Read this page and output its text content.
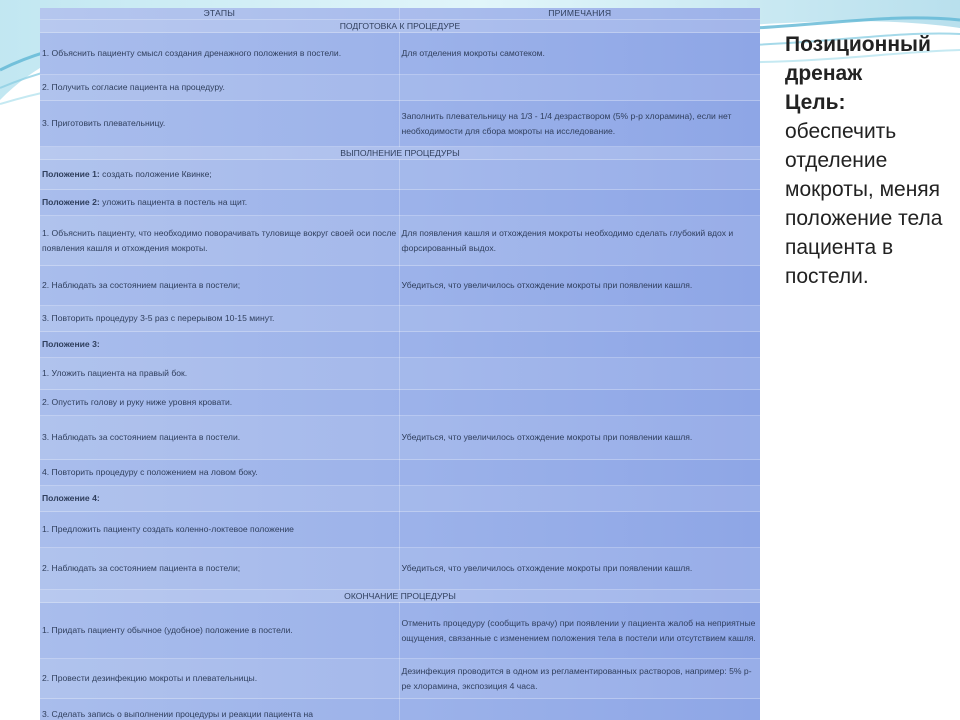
ЭТАПЫ	ПРИМЕЧАНИЯ
ПОДГОТОВКА К ПРОЦЕДУРЕ	
1. Объяснить пациенту смысл создания дренажного положения в постели.	Для отделения мокроты самотеком.
2. Получить согласие пациента на процедуру.	
3. Приготовить плевательницу.	Заполнить плевательницу на 1/3 - 1/4 дезраствором (5% р-р хлорамина), если нет необходимости для сбора мокроты на исследование.
ВЫПОЛНЕНИЕ ПРОЦЕДУРЫ	
Положение 1: создать положение Квинке;	
Положение 2: уложить пациента в постель на щит.	
1. Объяснить пациенту, что необходимо поворачивать туловище вокруг своей оси после появления кашля и отхождения мокроты.	Для появления кашля и отхождения мокроты необходимо сделать глубокий вдох и форсированный выдох.
2. Наблюдать за состоянием пациента в постели;	Убедиться, что увеличилось отхождение мокроты при появлении кашля.
3. Повторить процедуру 3-5 раз с перерывом 10-15 минут.	
Положение 3:	
1. Уложить пациента на правый бок.	
2. Опустить голову и руку ниже уровня кровати.	
3. Наблюдать за состоянием пациента в постели.	Убедиться, что увеличилось отхождение мокроты при появлении кашля.
4. Повторить процедуру с положением на ловом боку.	
Положение 4:	
1. Предложить пациенту создать коленно-локтевое положение	
2. Наблюдать за состоянием пациента в постели;	Убедиться, что увеличилось отхождение мокроты при появлении кашля.
ОКОНЧАНИЕ ПРОЦЕДУРЫ	
1. Придать пациенту обычное (удобное) положение в постели.	Отменить процедуру (сообщить врачу) при появлении у пациента жалоб на неприятные ощущения, связанные с изменением положения тела в постели или отсутствием кашля.
2. Провести дезинфекцию мокроты и плевательницы.	Дезинфекция проводится в одном из регламентированных растворов, например: 5% р-ре хлорамина, экспозиция 4 часа.
3. Сделать запись о выполнении процедуры и реакции пациента на	
Позиционный дренаж
Цель: обеспечить отделение мокроты, меняя положение тела пациента в постели.
